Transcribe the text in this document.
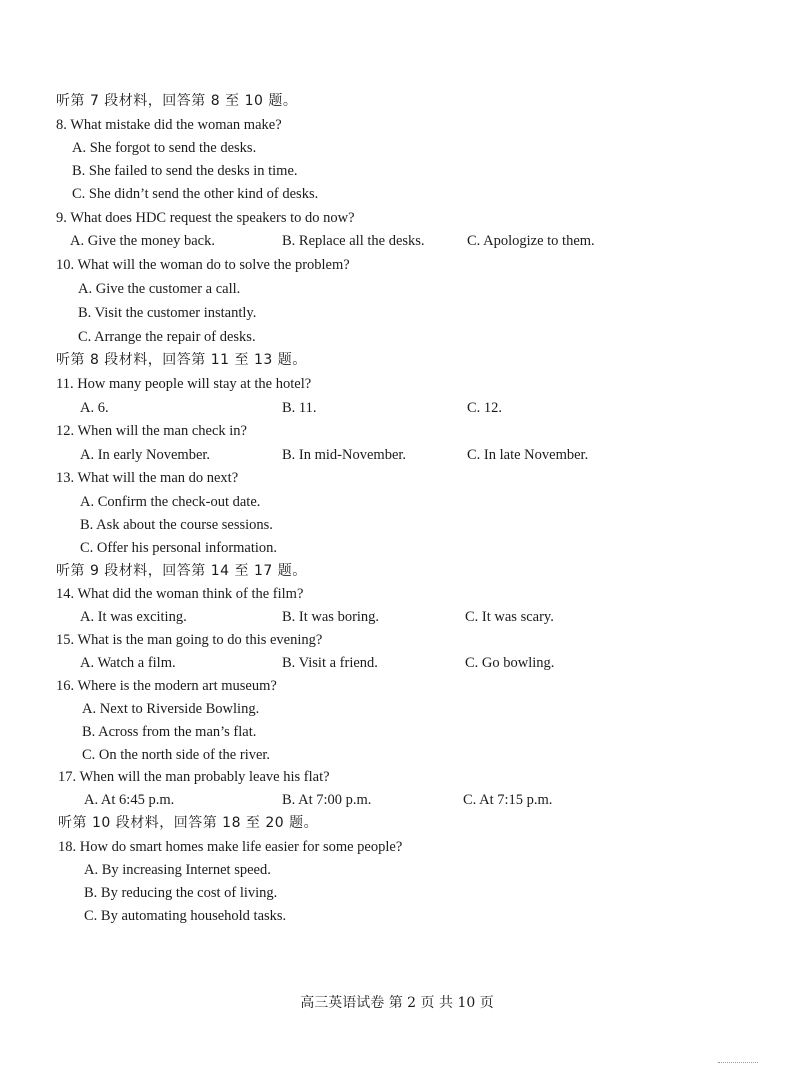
听第 7 段材料，回答第 8 至 10 题。
8. What mistake did the woman make?
A. She forgot to send the desks.
B. She failed to send the desks in time.
C. She didn’t send the other kind of desks.
9. What does HDC request the speakers to do now?
A. Give the money back.	B. Replace all the desks.	C. Apologize to them.
10. What will the woman do to solve the problem?
A. Give the customer a call.
B. Visit the customer instantly.
C. Arrange the repair of desks.
听第 8 段材料，回答第 11 至 13 题。
11. How many people will stay at the hotel?
A. 6.	B. 11.	C. 12.
12. When will the man check in?
A. In early November.	B. In mid-November.	C. In late November.
13. What will the man do next?
A. Confirm the check-out date.
B. Ask about the course sessions.
C. Offer his personal information.
听第 9 段材料，回答第 14 至 17 题。
14. What did the woman think of the film?
A. It was exciting.	B. It was boring.	C. It was scary.
15. What is the man going to do this evening?
A. Watch a film.	B. Visit a friend.	C. Go bowling.
16. Where is the modern art museum?
A. Next to Riverside Bowling.
B. Across from the man’s flat.
C. On the north side of the river.
17. When will the man probably leave his flat?
A. At 6:45 p.m.	B. At 7:00 p.m.	C. At 7:15 p.m.
听第 10 段材料，回答第 18 至 20 题。
18. How do smart homes make life easier for some people?
A. By increasing Internet speed.
B. By reducing the cost of living.
C. By automating household tasks.
高三英语试卷 第 2 页 共 10 页
